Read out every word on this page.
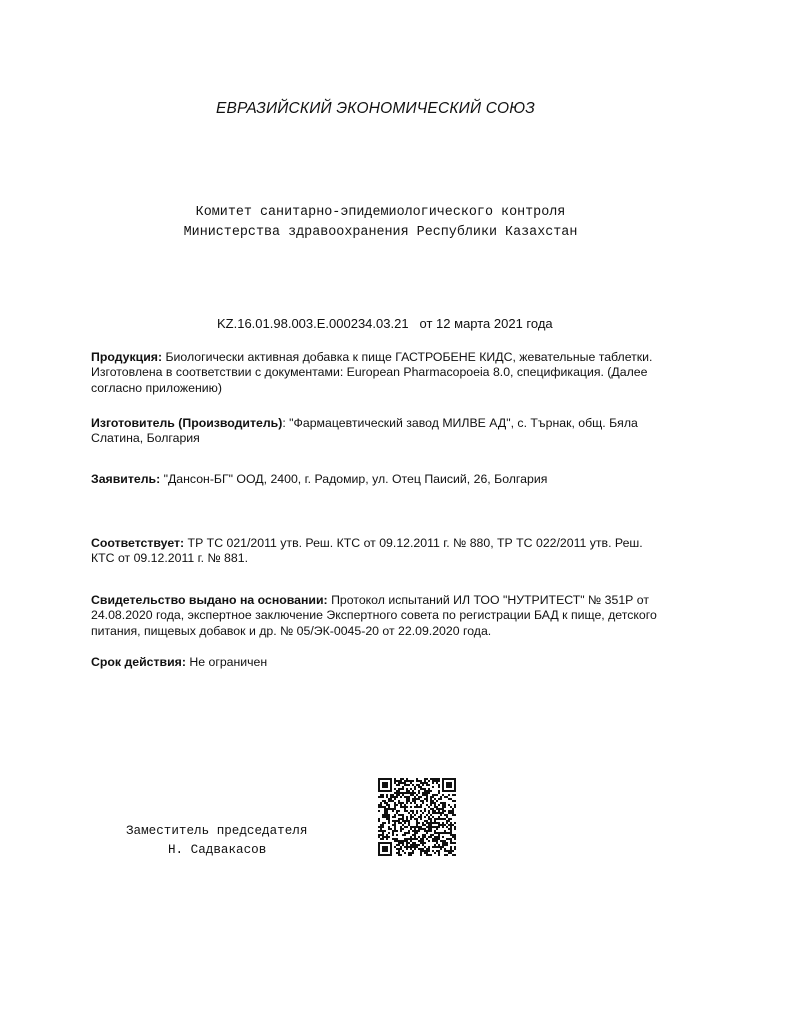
ЕВРАЗИЙСКИЙ ЭКОНОМИЧЕСКИЙ СОЮЗ
Комитет санитарно-эпидемиологического контроля
Министерства здравоохранения Республики Казахстан
KZ.16.01.98.003.E.000234.03.21 от 12 марта 2021 года
Продукция: Биологически активная добавка к пище ГАСТРОБЕНЕ КИДС, жевательные таблетки. Изготовлена в соответствии с документами: European Pharmacopoeia 8.0, спецификация. (Далее согласно приложению)
Изготовитель (Производитель): "Фармацевтический завод МИЛВЕ АД", с. Търнак, общ. Бяла Слатина, Болгария
Заявитель: "Дансон-БГ" ООД, 2400, г. Радомир, ул. Отец Паисий, 26, Болгария
Соответствует: ТР ТС 021/2011 утв. Реш. КТС от 09.12.2011 г. № 880, ТР ТС 022/2011 утв. Реш. КТС от 09.12.2011 г. № 881.
Свидетельство выдано на основании: Протокол испытаний ИЛ ТОО "НУТРИТЕСТ" № 351Р от 24.08.2020 года, экспертное заключение Экспертного совета по регистрации БАД к пище, детского питания, пищевых добавок и др. № 05/ЭК-0045-20 от 22.09.2020 года.
Срок действия: Не ограничен
Заместитель председателя
Н. Садвакасов
